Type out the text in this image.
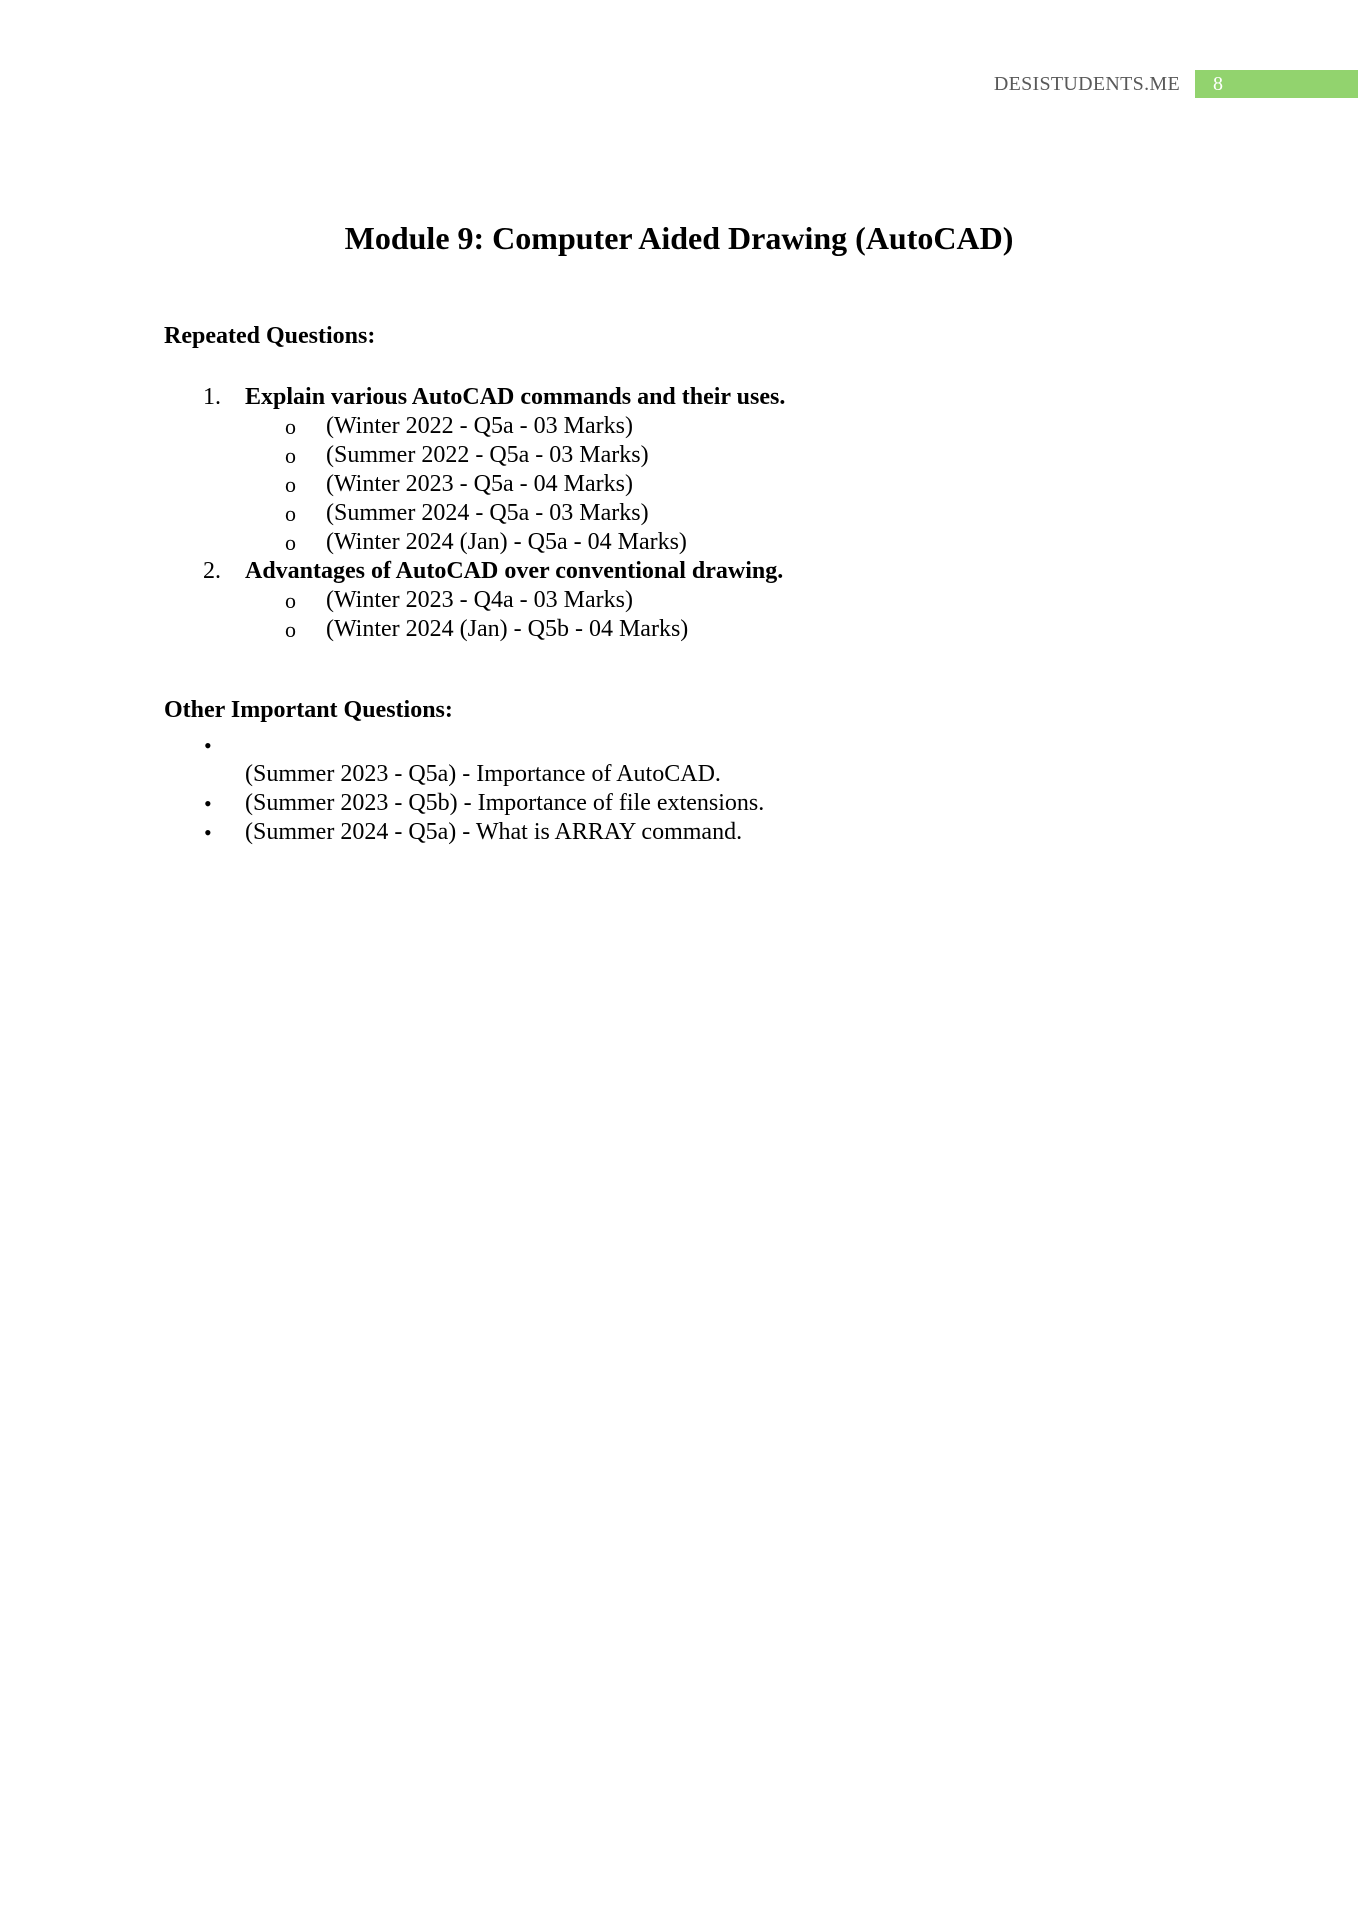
DESISTUDENTS.ME	8
Module 9: Computer Aided Drawing (AutoCAD)
Repeated Questions:
1. Explain various AutoCAD commands and their uses.
o (Winter 2022 - Q5a - 03 Marks)
o (Summer 2022 - Q5a - 03 Marks)
o (Winter 2023 - Q5a - 04 Marks)
o (Summer 2024 - Q5a - 03 Marks)
o (Winter 2024 (Jan) - Q5a - 04 Marks)
2. Advantages of AutoCAD over conventional drawing.
o (Winter 2023 - Q4a - 03 Marks)
o (Winter 2024 (Jan) - Q5b - 04 Marks)
Other Important Questions:
•
(Summer 2023 - Q5a) - Importance of AutoCAD.
• (Summer 2023 - Q5b) - Importance of file extensions.
• (Summer 2024 - Q5a) - What is ARRAY command.
